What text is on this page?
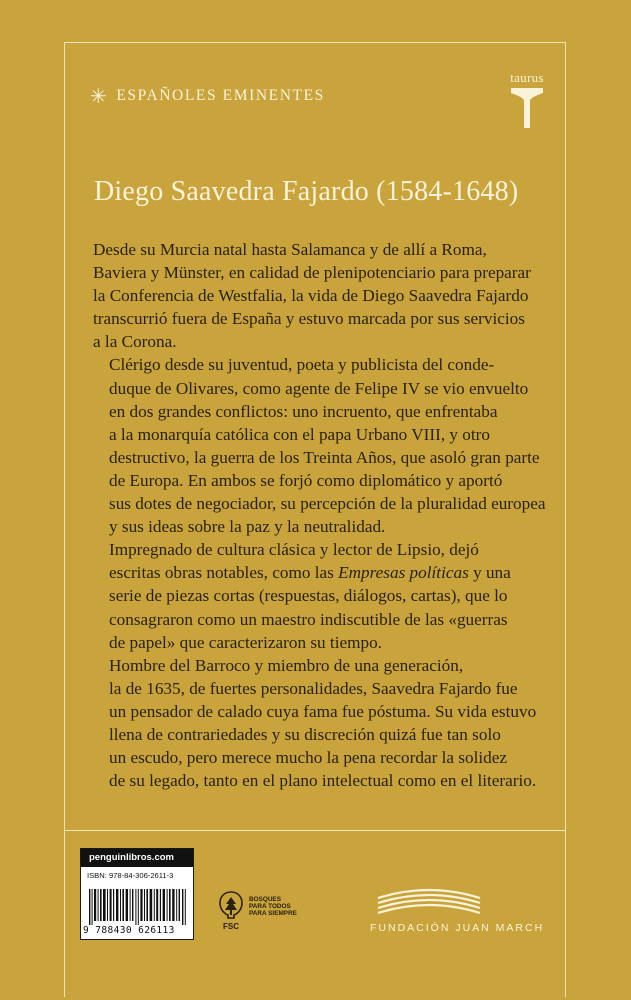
✳ ESPAÑOLES EMINENTES
taurus
Diego Saavedra Fajardo (1584-1648)

Desde su Murcia natal hasta Salamanca y de allí a Roma,
Baviera y Münster, en calidad de plenipotenciario para preparar
la Conferencia de Westfalia, la vida de Diego Saavedra Fajardo
transcurrió fuera de España y estuvo marcada por sus servicios
a la Corona.

Clérigo desde su juventud, poeta y publicista del conde-
duque de Olivares, como agente de Felipe IV se vio envuelto
en dos grandes conflictos: uno incruento, que enfrentaba
a la monarquía católica con el papa Urbano VIII, y otro
destructivo, la guerra de los Treinta Años, que asoló gran parte
de Europa. En ambos se forjó como diplomático y aportó
sus dotes de negociador, su percepción de la pluralidad europea
y sus ideas sobre la paz y la neutralidad.

Impregnado de cultura clásica y lector de Lipsio, dejó
escritas obras notables, como las Empresas políticas y una
serie de piezas cortas (respuestas, diálogos, cartas), que lo
consagraron como un maestro indiscutible de las «guerras
de papel» que caracterizaron su tiempo.

Hombre del Barroco y miembro de una generación,
la de 1635, de fuertes personalidades, Saavedra Fajardo fue
un pensador de calado cuya fama fue póstuma. Su vida estuvo
llena de contrariedades y su discreción quizá fue tan solo
un escudo, pero merece mucho la pena recordar la solidez
de su legado, tanto en el plano intelectual como en el literario.

penguinlibros.com
ISBN: 978-84-306-2611-3
9 788430 626113	FSC
BOSQUES
PARA TODOS
PARA SIEMPRE
FUNDACIÓN JUAN MARCH
